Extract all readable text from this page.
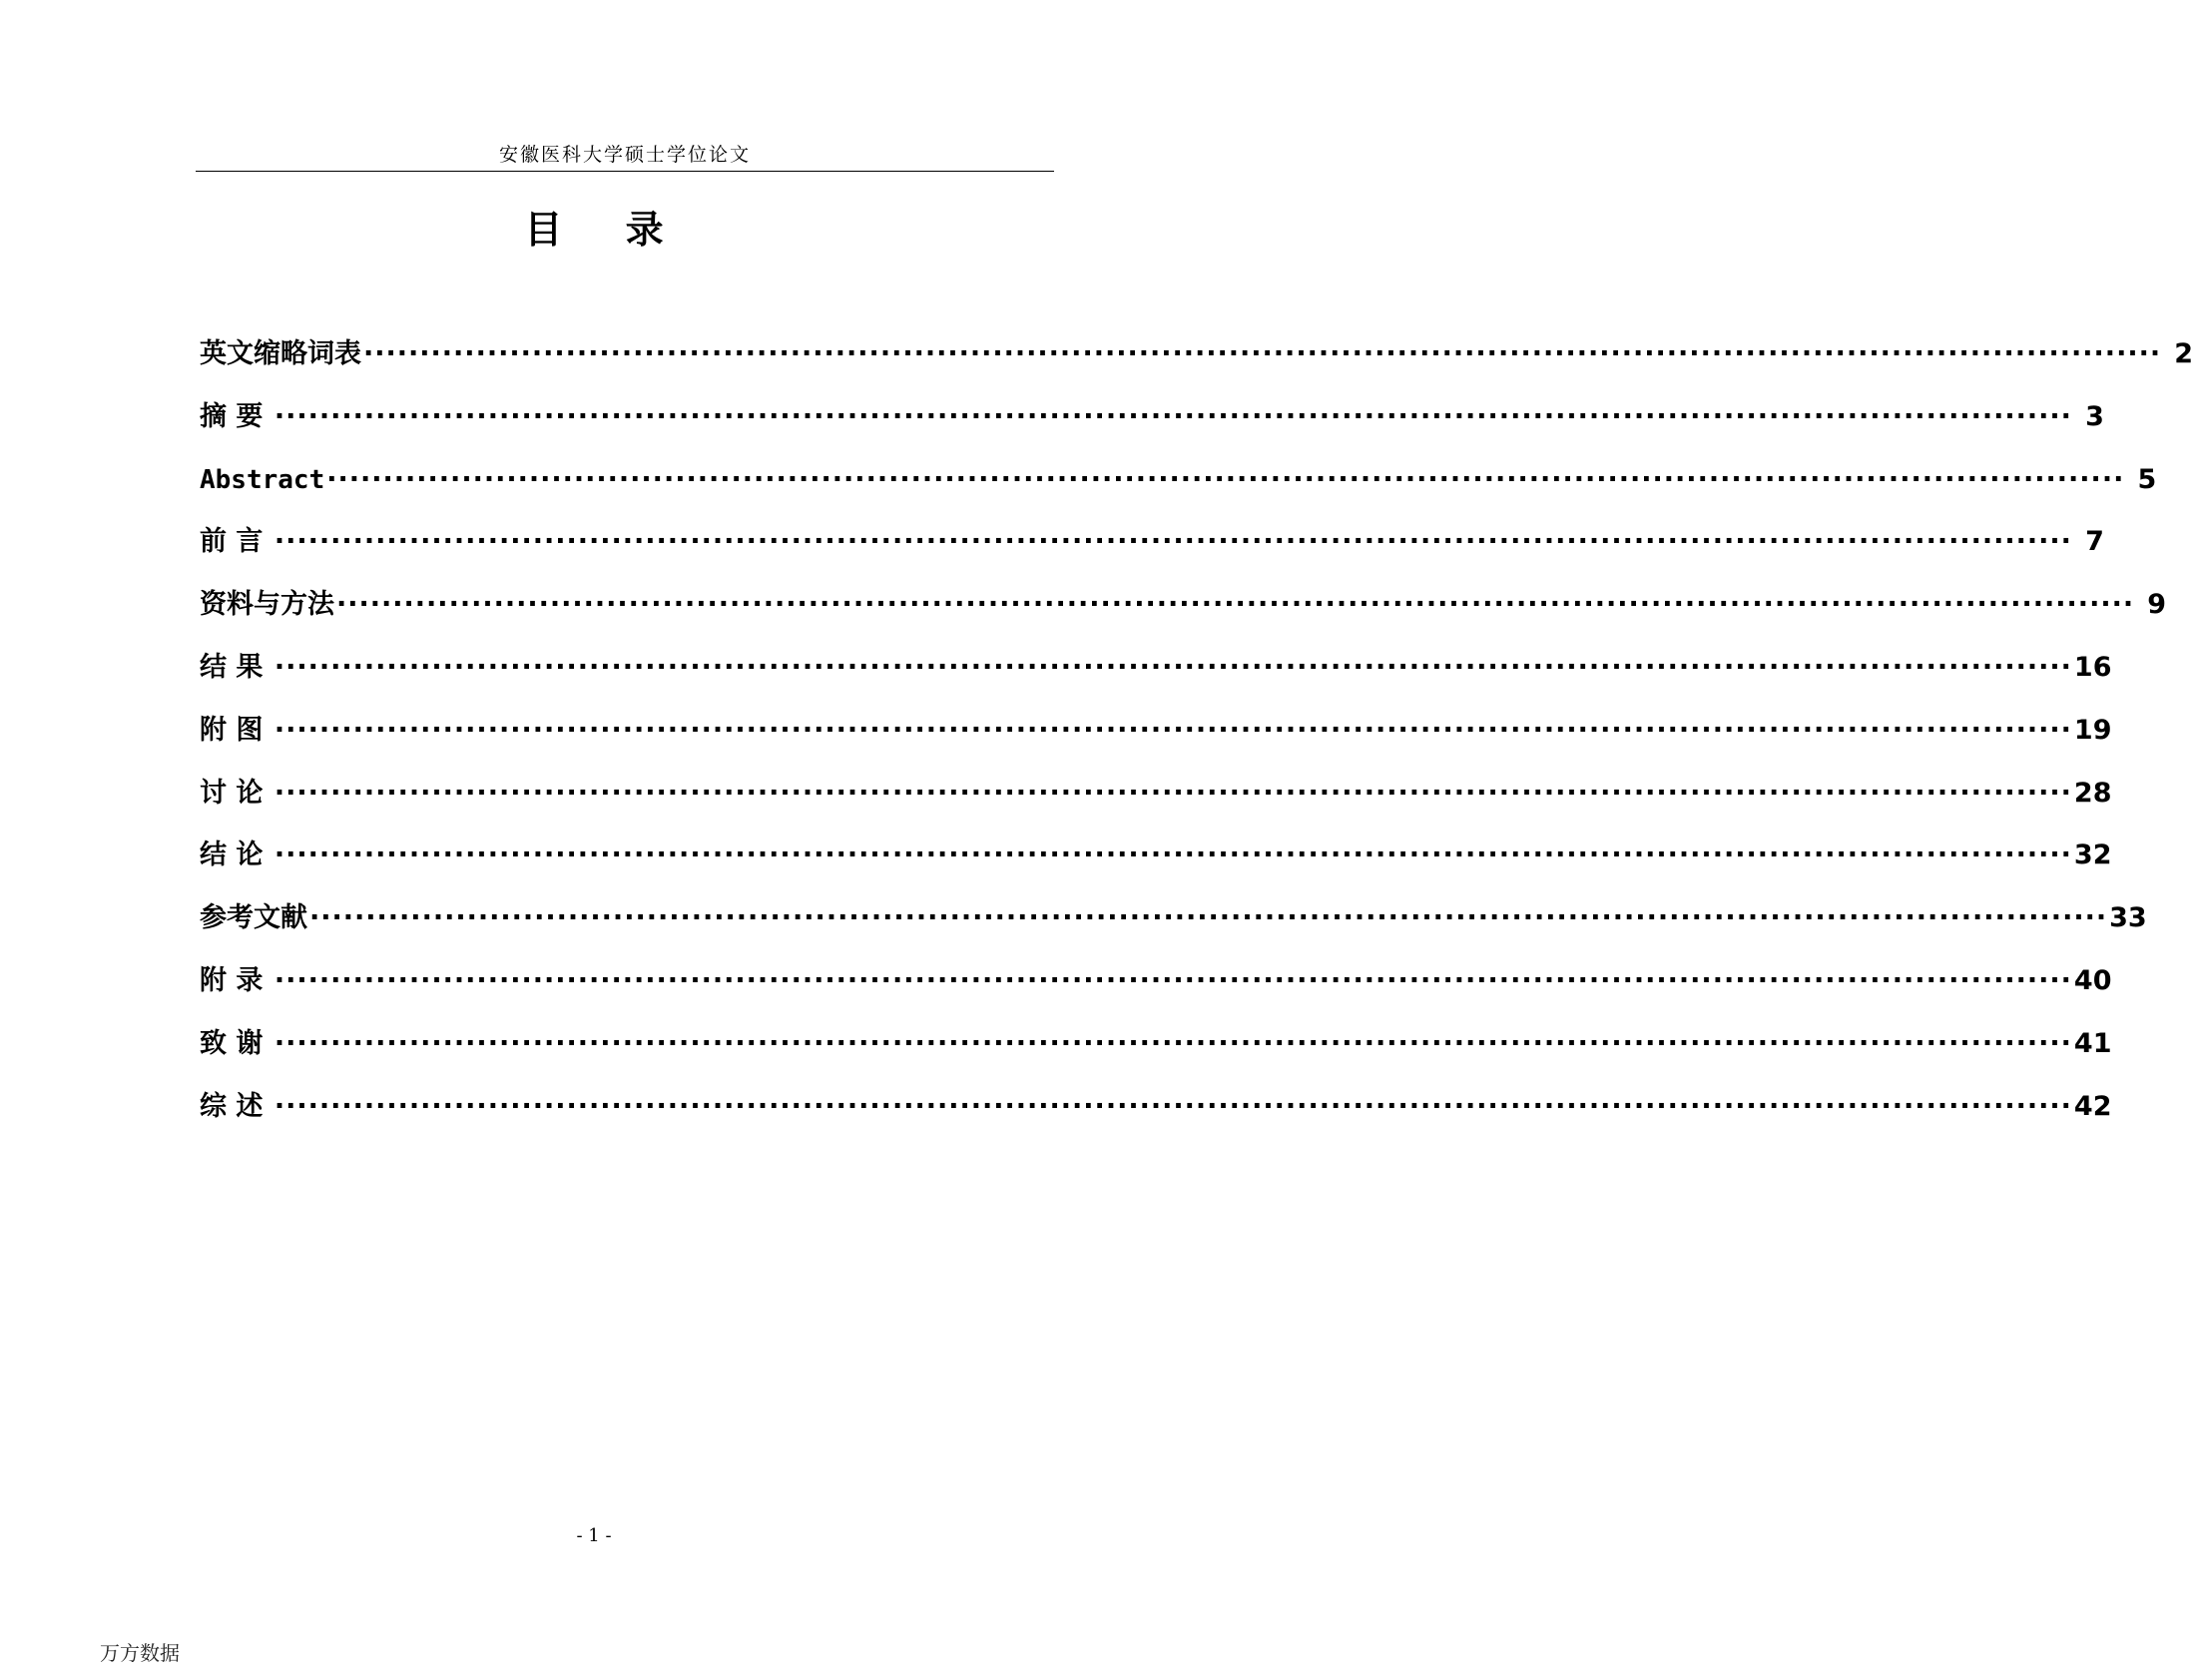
安徽医科大学硕士学位论文
目 录
英文缩略词表 ································································································································································ 2
摘 要 ································································································································································ 3
Abstract ································································································································································ 5
前 言 ································································································································································ 7
资料与方法 ································································································································································ 9
结 果 ································································································································································ 16
附 图 ································································································································································ 19
讨 论 ································································································································································ 28
结 论 ································································································································································ 32
参考文献 ································································································································································ 33
附 录 ································································································································································ 40
致 谢 ································································································································································ 41
综 述 ································································································································································ 42
- 1 -
万方数据
